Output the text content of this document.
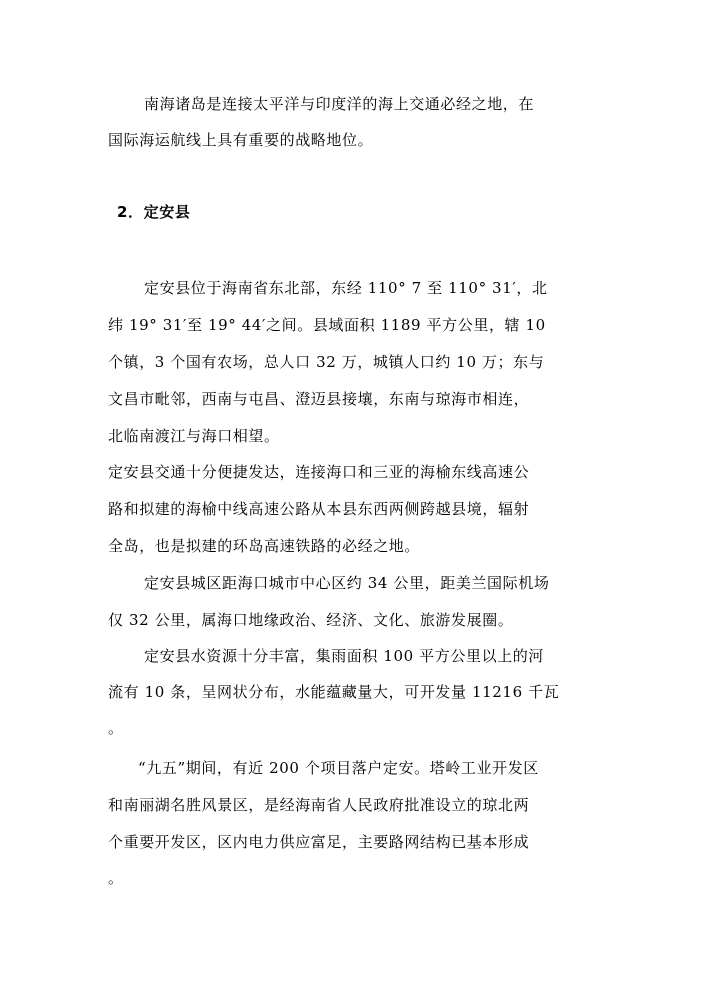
南海诸岛是连接太平洋与印度洋的海上交通必经之地，在
国际海运航线上具有重要的战略地位。
2．定安县
定安县位于海南省东北部，东经 110° 7 至 110° 31′，北
纬 19° 31′至 19° 44′之间。县域面积 1189 平方公里，辖 10
个镇，3 个国有农场，总人口 32 万，城镇人口约 10 万；东与
文昌市毗邻，西南与屯昌、澄迈县接壤，东南与琼海市相连，
北临南渡江与海口相望。
定安县交通十分便捷发达，连接海口和三亚的海榆东线高速公
路和拟建的海榆中线高速公路从本县东西两侧跨越县境，辐射
全岛，也是拟建的环岛高速铁路的必经之地。
定安县城区距海口城市中心区约 34 公里，距美兰国际机场
仅 32 公里，属海口地缘政治、经济、文化、旅游发展圈。
定安县水资源十分丰富，集雨面积 100 平方公里以上的河
流有 10 条，呈网状分布，水能蕴藏量大，可开发量 11216 千瓦
。
“九五”期间，有近 200 个项目落户定安。塔岭工业开发区
和南丽湖名胜风景区，是经海南省人民政府批准设立的琼北两
个重要开发区，区内电力供应富足，主要路网结构已基本形成
。
